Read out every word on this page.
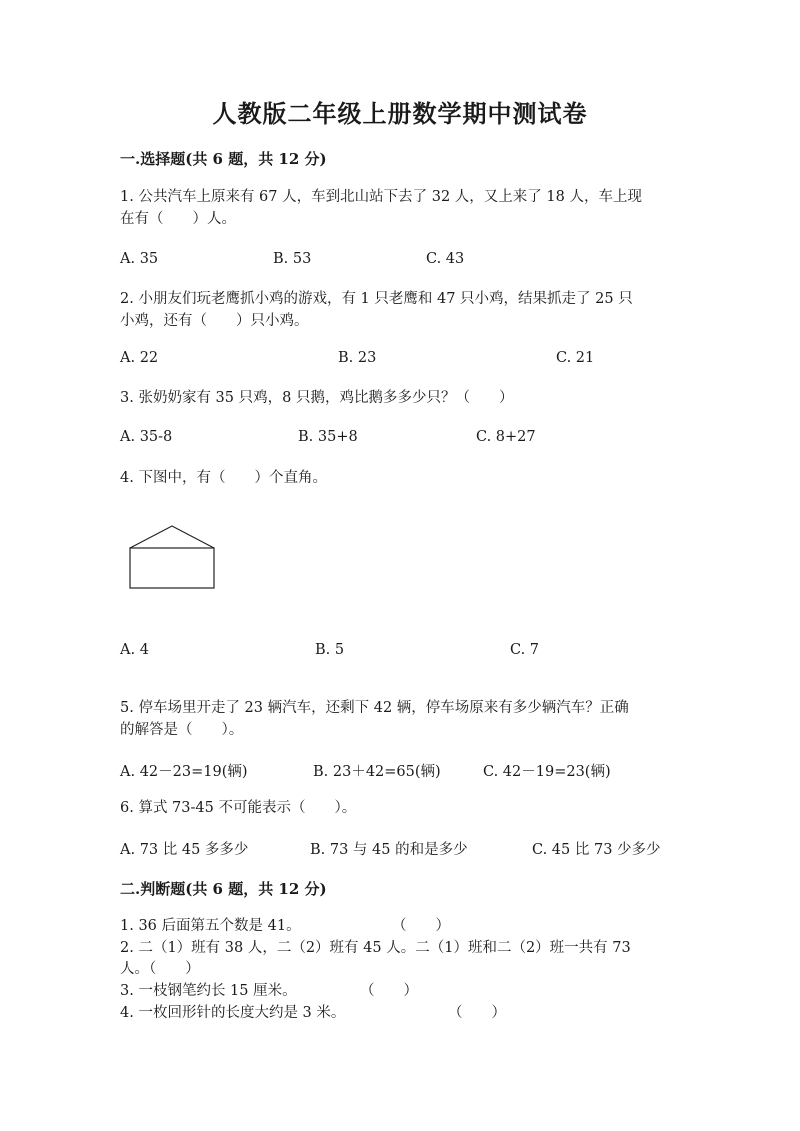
人教版二年级上册数学期中测试卷
一.选择题(共 6 题，共 12 分)
1. 公共汽车上原来有 67 人，车到北山站下去了 32 人，又上来了 18 人，车上现
在有（　　）人。
A. 35	B. 53	C. 43
2. 小朋友们玩老鹰抓小鸡的游戏，有 1 只老鹰和 47 只小鸡，结果抓走了 25 只
小鸡，还有（　　）只小鸡。
A. 22	B. 23	C. 21
3. 张奶奶家有 35 只鸡，8 只鹅，鸡比鹅多多少只？（　　）
A. 35-8	B. 35+8	C. 8+27
4. 下图中，有（　　）个直角。
A. 4	B. 5	C. 7
5. 停车场里开走了 23 辆汽车，还剩下 42 辆，停车场原来有多少辆汽车？正确
的解答是（　　）。
A. 42－23=19(辆)	B. 23＋42=65(辆)	C. 42－19=23(辆)
6. 算式 73-45 不可能表示（　　）。
A. 73 比 45 多多少	B. 73 与 45 的和是多少	C. 45 比 73 少多少
二.判断题(共 6 题，共 12 分)
1. 36 后面第五个数是 41。	（　　）
2. 二（1）班有 38 人，二（2）班有 45 人。二（1）班和二（2）班一共有 73
人。（　　）
3. 一枝钢笔约长 15 厘米。	（　　）
4. 一枚回形针的长度大约是 3 米。	（　　）
